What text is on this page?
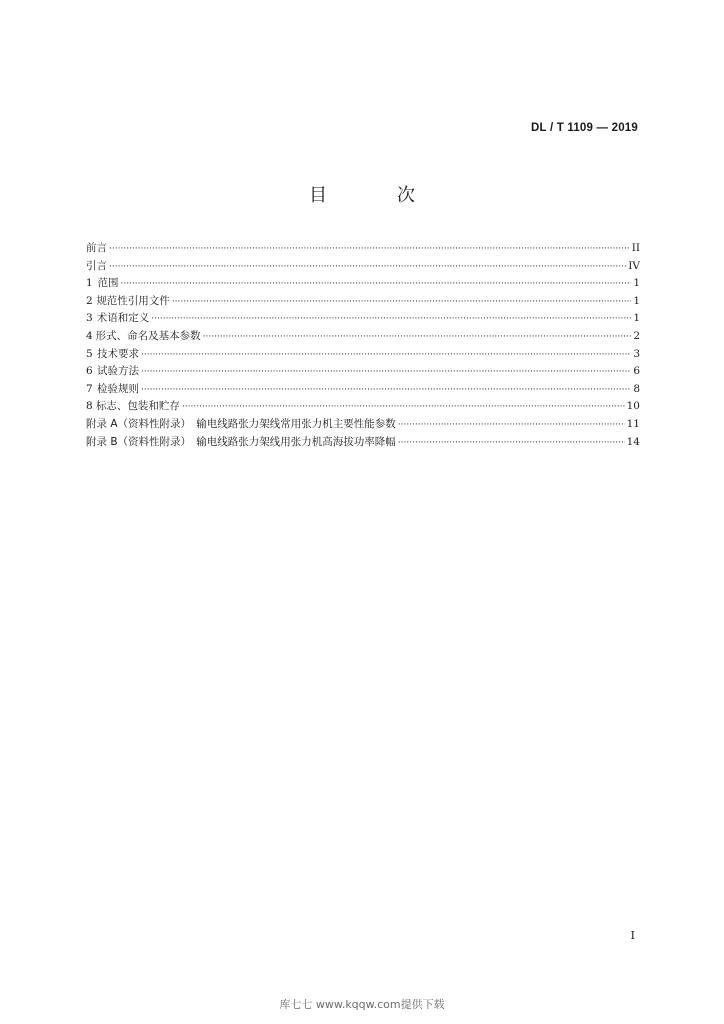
DL / T 1109 — 2019
目　次
前言 ·····	II
引言 ·····	IV
1 范围 ·····	1
2 规范性引用文件 ·····	1
3 术语和定义 ·····	1
4 形式、命名及基本参数 ·····	2
5 技术要求 ·····	3
6 试验方法 ·····	6
7 检验规则 ·····	8
8 标志、包装和贮存 ·····	10
附录 A（资料性附录）　输电线路张力架线常用张力机主要性能参数 ·····	11
附录 B（资料性附录）　输电线路张力架线用张力机高海拔功率降幅 ·····	14
I
库七七 www.kqqw.com提供下载
